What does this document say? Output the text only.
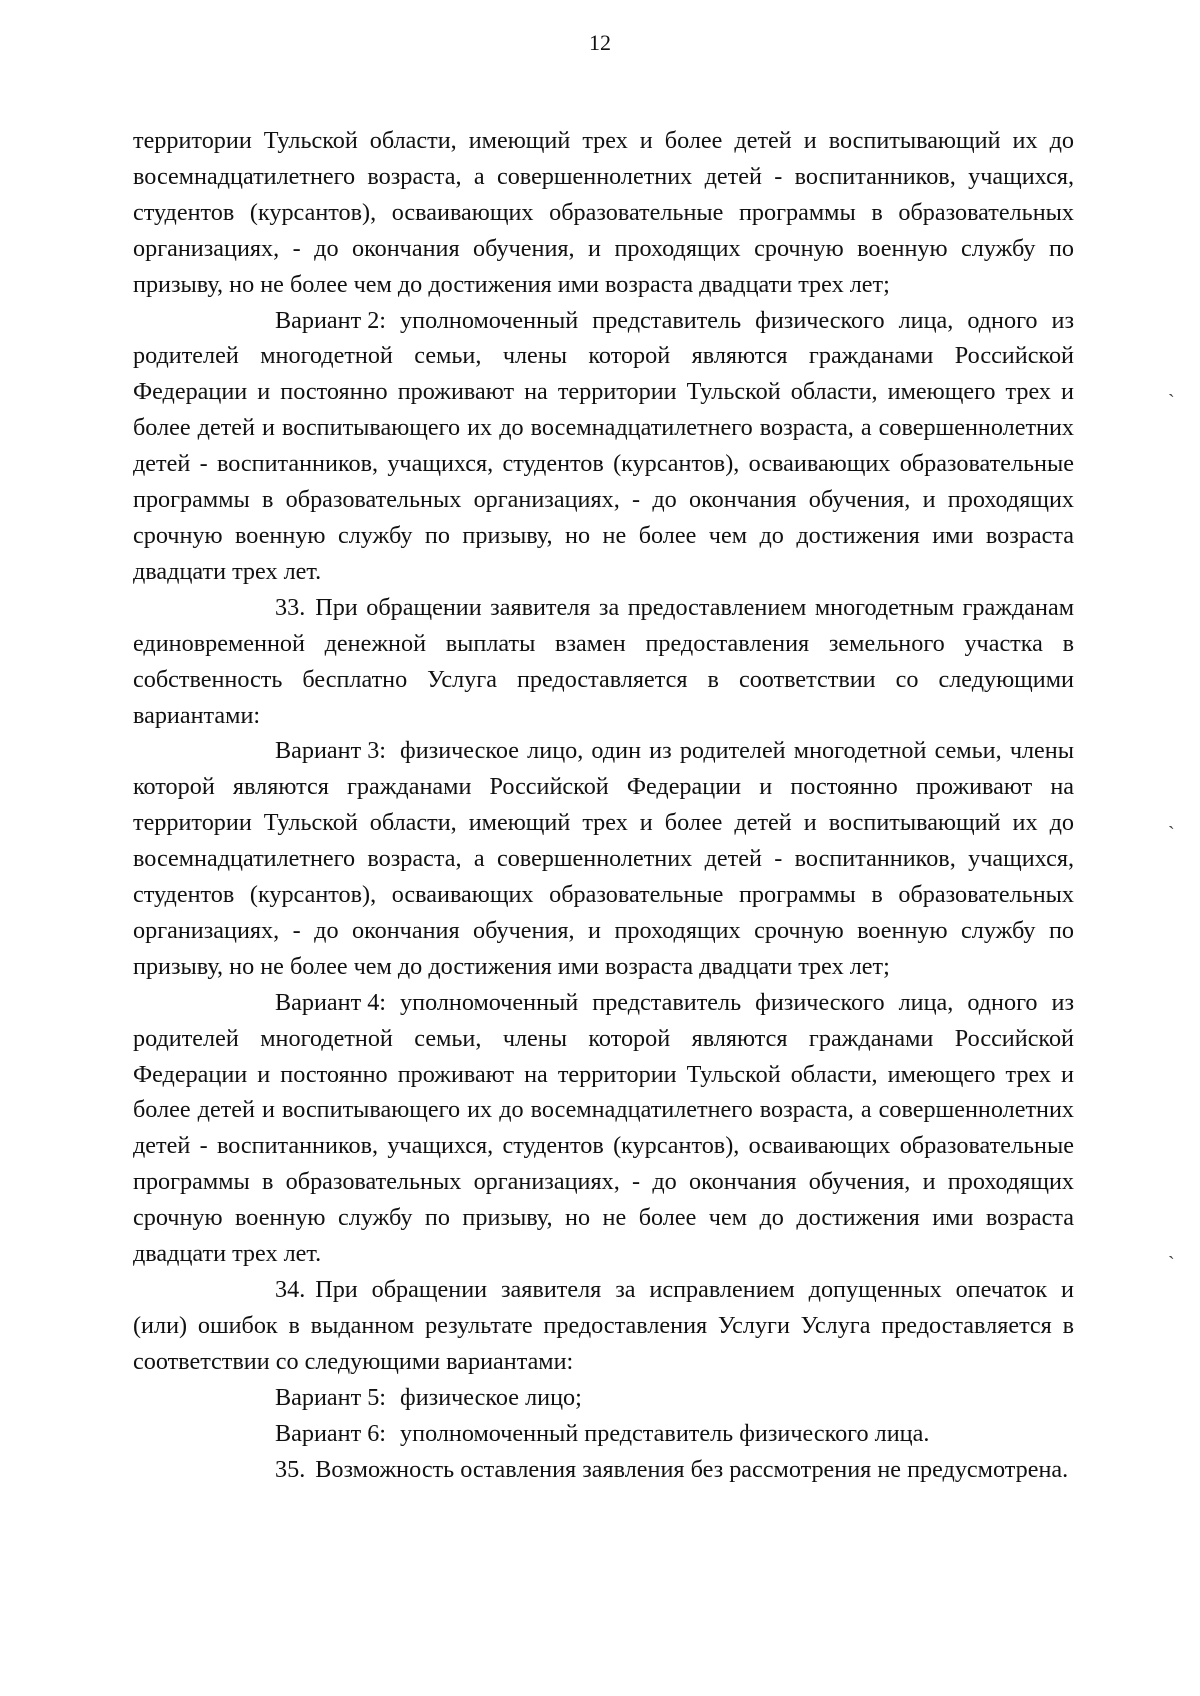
12

территории Тульской области, имеющий трех и более детей и воспитывающий их до восемнадцатилетнего возраста, а совершеннолетних детей - воспитанников, учащихся, студентов (курсантов), осваивающих образовательные программы в образовательных организациях, - до окончания обучения, и проходящих срочную военную службу по призыву, но не более чем до достижения ими возраста двадцати трех лет;

Вариант 2: уполномоченный представитель физического лица, одного из родителей многодетной семьи, члены которой являются гражданами Российской Федерации и постоянно проживают на территории Тульской области, имеющего трех и более детей и воспитывающего их до восемнадцатилетнего возраста, а совершеннолетних детей - воспитанников, учащихся, студентов (курсантов), осваивающих образовательные программы в образовательных организациях, - до окончания обучения, и проходящих срочную военную службу по призыву, но не более чем до достижения ими возраста двадцати трех лет.

33. При обращении заявителя за предоставлением многодетным гражданам единовременной денежной выплаты взамен предоставления земельного участка в собственность бесплатно Услуга предоставляется в соответствии со следующими вариантами:

Вариант 3: физическое лицо, один из родителей многодетной семьи, члены которой являются гражданами Российской Федерации и постоянно проживают на территории Тульской области, имеющий трех и более детей и воспитывающий их до восемнадцатилетнего возраста, а совершеннолетних детей - воспитанников, учащихся, студентов (курсантов), осваивающих образовательные программы в образовательных организациях, - до окончания обучения, и проходящих срочную военную службу по призыву, но не более чем до достижения ими возраста двадцати трех лет;

Вариант 4: уполномоченный представитель физического лица, одного из родителей многодетной семьи, члены которой являются гражданами Российской Федерации и постоянно проживают на территории Тульской области, имеющего трех и более детей и воспитывающего их до восемнадцатилетнего возраста, а совершеннолетних детей - воспитанников, учащихся, студентов (курсантов), осваивающих образовательные программы в образовательных организациях, - до окончания обучения, и проходящих срочную военную службу по призыву, но не более чем до достижения ими возраста двадцати трех лет.

34. При обращении заявителя за исправлением допущенных опечаток и (или) ошибок в выданном результате предоставления Услуги Услуга предоставляется в соответствии со следующими вариантами:

Вариант 5: физическое лицо;

Вариант 6: уполномоченный представитель физического лица.

35. Возможность оставления заявления без рассмотрения не предусмотрена.

`
`
`
